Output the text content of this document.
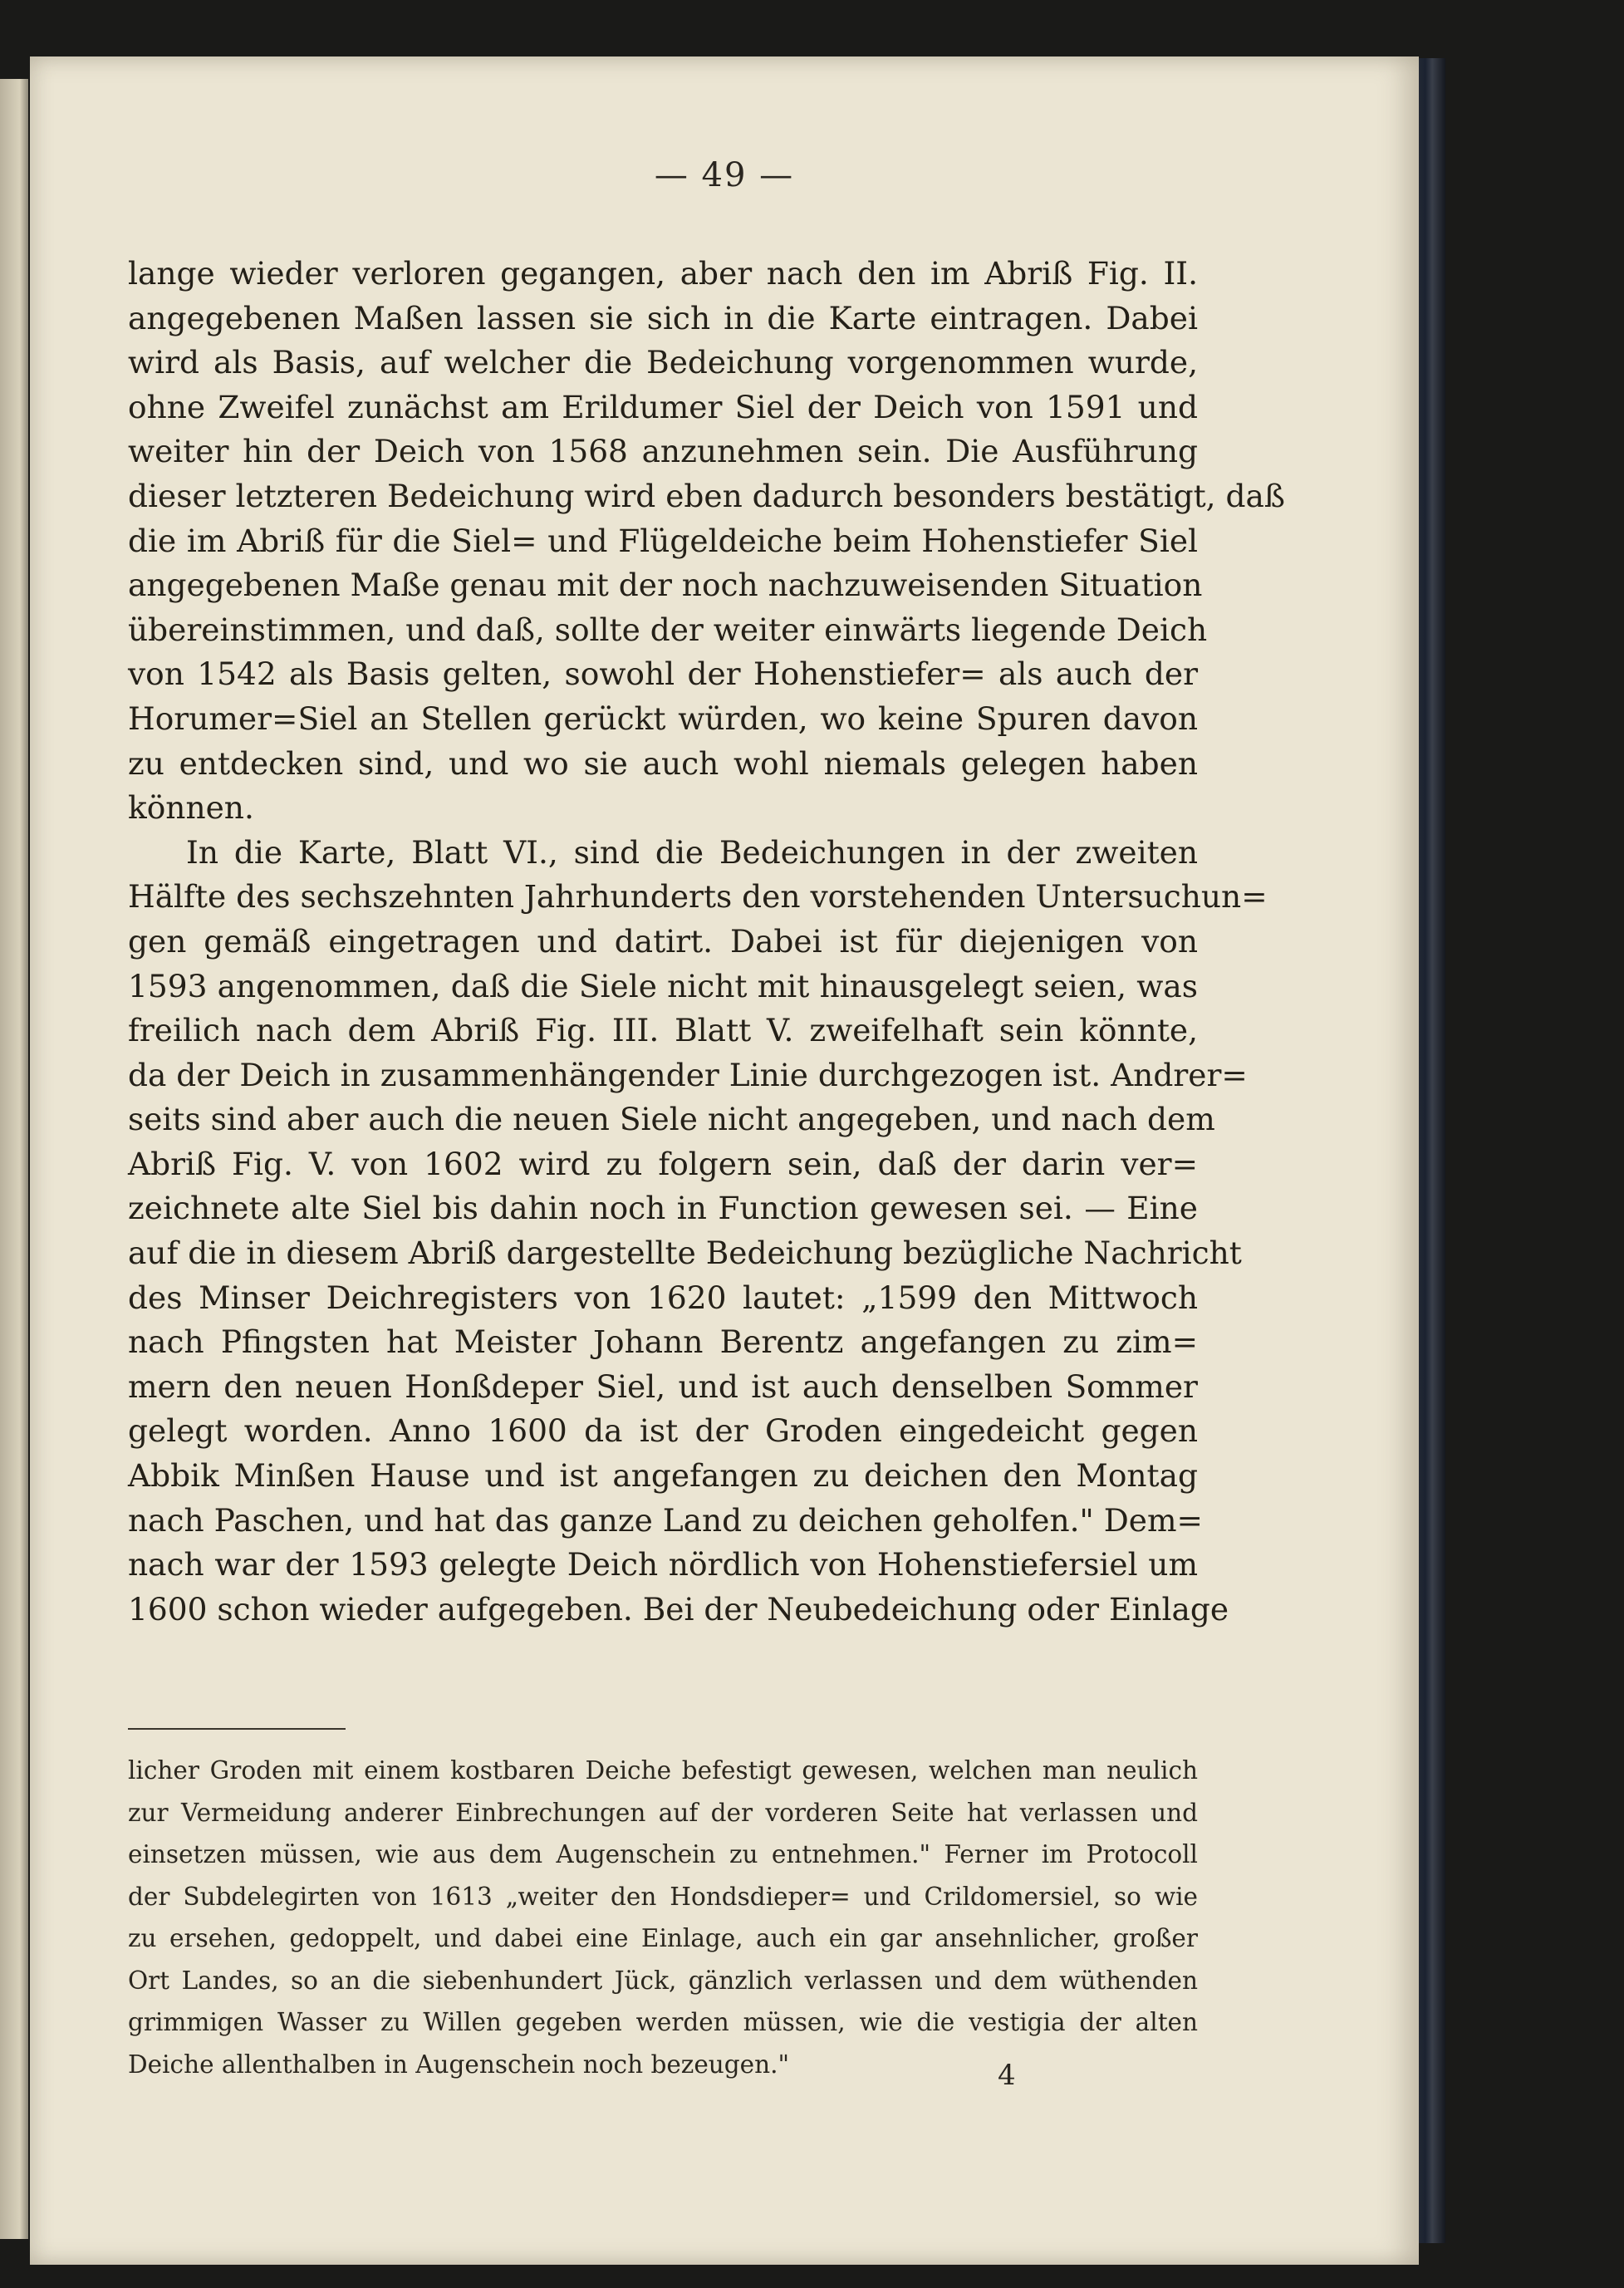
— 49 —
lange wieder verloren gegangen, aber nach den im Abriß Fig. II.
angegebenen Maßen lassen sie sich in die Karte eintragen. Dabei
wird als Basis, auf welcher die Bedeichung vorgenommen wurde,
ohne Zweifel zunächst am Erildumer Siel der Deich von 1591 und
weiter hin der Deich von 1568 anzunehmen sein. Die Ausführung
dieser letzteren Bedeichung wird eben dadurch besonders bestätigt, daß
die im Abriß für die Siel= und Flügeldeiche beim Hohenstiefer Siel
angegebenen Maße genau mit der noch nachzuweisenden Situation
übereinstimmen, und daß, sollte der weiter einwärts liegende Deich
von 1542 als Basis gelten, sowohl der Hohenstiefer= als auch der
Horumer=Siel an Stellen gerückt würden, wo keine Spuren davon
zu entdecken sind, und wo sie auch wohl niemals gelegen haben
können.
In die Karte, Blatt VI., sind die Bedeichungen in der zweiten
Hälfte des sechszehnten Jahrhunderts den vorstehenden Untersuchun=
gen gemäß eingetragen und datirt. Dabei ist für diejenigen von
1593 angenommen, daß die Siele nicht mit hinausgelegt seien, was
freilich nach dem Abriß Fig. III. Blatt V. zweifelhaft sein könnte,
da der Deich in zusammenhängender Linie durchgezogen ist. Andrer=
seits sind aber auch die neuen Siele nicht angegeben, und nach dem
Abriß Fig. V. von 1602 wird zu folgern sein, daß der darin ver=
zeichnete alte Siel bis dahin noch in Function gewesen sei. — Eine
auf die in diesem Abriß dargestellte Bedeichung bezügliche Nachricht
des Minser Deichregisters von 1620 lautet: „1599 den Mittwoch
nach Pfingsten hat Meister Johann Berentz angefangen zu zim=
mern den neuen Honßdeper Siel, und ist auch denselben Sommer
gelegt worden. Anno 1600 da ist der Groden eingedeicht gegen
Abbik Minßen Hause und ist angefangen zu deichen den Montag
nach Paschen, und hat das ganze Land zu deichen geholfen." Dem=
nach war der 1593 gelegte Deich nördlich von Hohenstiefersiel um
1600 schon wieder aufgegeben. Bei der Neubedeichung oder Einlage
licher Groden mit einem kostbaren Deiche befestigt gewesen, welchen man neulich
zur Vermeidung anderer Einbrechungen auf der vorderen Seite hat verlassen und
einsetzen müssen, wie aus dem Augenschein zu entnehmen." Ferner im Protocoll
der Subdelegirten von 1613 „weiter den Hondsdieper= und Crildomersiel, so wie
zu ersehen, gedoppelt, und dabei eine Einlage, auch ein gar ansehnlicher, großer
Ort Landes, so an die siebenhundert Jück, gänzlich verlassen und dem wüthenden
grimmigen Wasser zu Willen gegeben werden müssen, wie die vestigia der alten
Deiche allenthalben in Augenschein noch bezeugen."	4
